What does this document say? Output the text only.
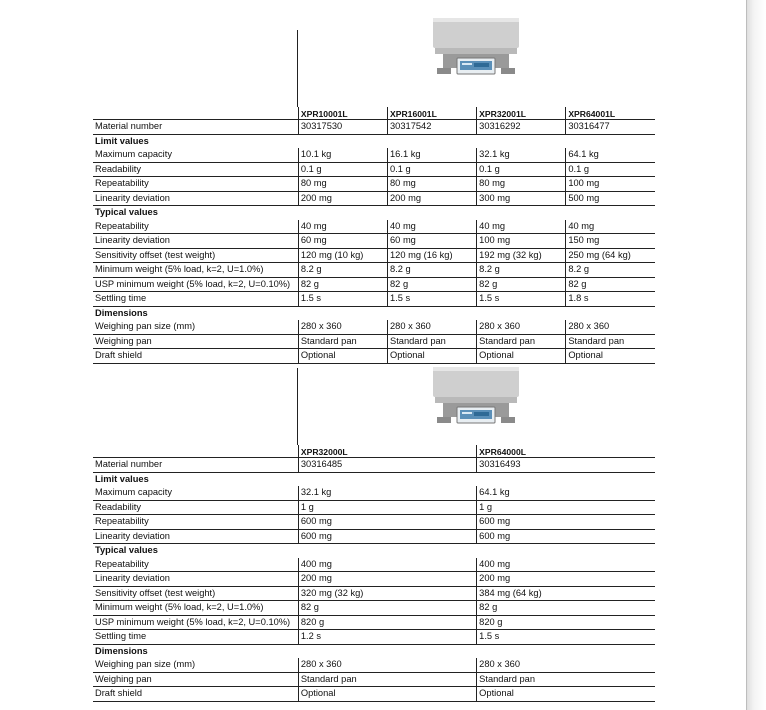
	XPR10001L	XPR16001L	XPR32001L	XPR64001L
Material number	30317530	30317542	30316292	30316477
Limit values				
Maximum capacity	10.1 kg	16.1 kg	32.1 kg	64.1 kg
Readability	0.1 g	0.1 g	0.1 g	0.1 g
Repeatability	80 mg	80 mg	80 mg	100 mg
Linearity deviation	200 mg	200 mg	300 mg	500 mg
Typical values				
Repeatability	40 mg	40 mg	40 mg	40 mg
Linearity deviation	60 mg	60 mg	100 mg	150 mg
Sensitivity offset (test weight)	120 mg (10 kg)	120 mg (16 kg)	192 mg (32 kg)	250 mg (64 kg)
Minimum weight (5% load, k=2, U=1.0%)	8.2 g	8.2 g	8.2 g	8.2 g
USP minimum weight (5% load, k=2, U=0.10%)	82 g	82 g	82 g	82 g
Settling time	1.5 s	1.5 s	1.5 s	1.8 s
Dimensions				
Weighing pan size (mm)	280 x 360	280 x 360	280 x 360	280 x 360
Weighing pan	Standard pan	Standard pan	Standard pan	Standard pan
Draft shield	Optional	Optional	Optional	Optional
	XPR32000L	XPR64000L
Material number	30316485	30316493
Limit values		
Maximum capacity	32.1 kg	64.1 kg
Readability	1 g	1 g
Repeatability	600 mg	600 mg
Linearity deviation	600 mg	600 mg
Typical values		
Repeatability	400 mg	400 mg
Linearity deviation	200 mg	200 mg
Sensitivity offset (test weight)	320 mg (32 kg)	384 mg (64 kg)
Minimum weight (5% load, k=2, U=1.0%)	82 g	82 g
USP minimum weight (5% load, k=2, U=0.10%)	820 g	820 g
Settling time	1.2 s	1.5 s
Dimensions		
Weighing pan size (mm)	280 x 360	280 x 360
Weighing pan	Standard pan	Standard pan
Draft shield	Optional	Optional
